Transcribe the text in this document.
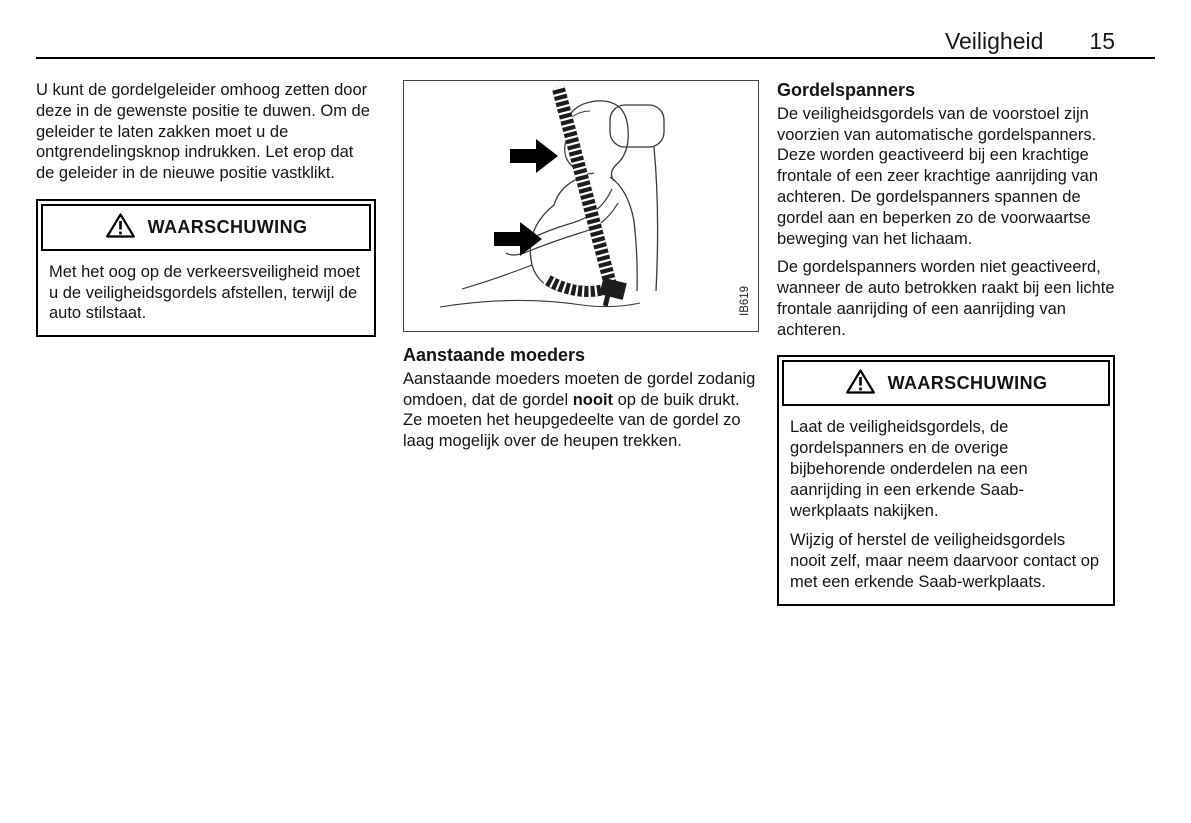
Veiligheid 15

U kunt de gordelgeleider omhoog zetten door deze in de gewenste positie te duwen. Om de geleider te laten zakken moet u de ontgrendelingsknop indrukken. Let erop dat de geleider in de nieuwe positie vastklikt.

WAARSCHUWING

Met het oog op de verkeersveiligheid moet u de veiligheidsgordels afstellen, terwijl de auto stilstaat.	IB619
Aanstaande moeders

Aanstaande moeders moeten de gordel zodanig omdoen, dat de gordel nooit op de buik drukt. Ze moeten het heupgedeelte van de gordel zo laag mogelijk over de heupen trekken.

Gordelspanners

De veiligheidsgordels van de voorstoel zijn voorzien van automatische gordelspanners. Deze worden geactiveerd bij een krachtige frontale of een zeer krachtige aanrijding van achteren. De gordelspanners spannen de gordel aan en beperken zo de voorwaartse beweging van het lichaam.

De gordelspanners worden niet geactiveerd, wanneer de auto betrokken raakt bij een lichte frontale aanrijding of een aanrijding van achteren.

WAARSCHUWING

Laat de veiligheidsgordels, de gordelspanners en de overige bijbehorende onderdelen na een aanrijding in een erkende Saab-werkplaats nakijken.

Wijzig of herstel de veiligheidsgordels nooit zelf, maar neem daarvoor contact op met een erkende Saab-werkplaats.
